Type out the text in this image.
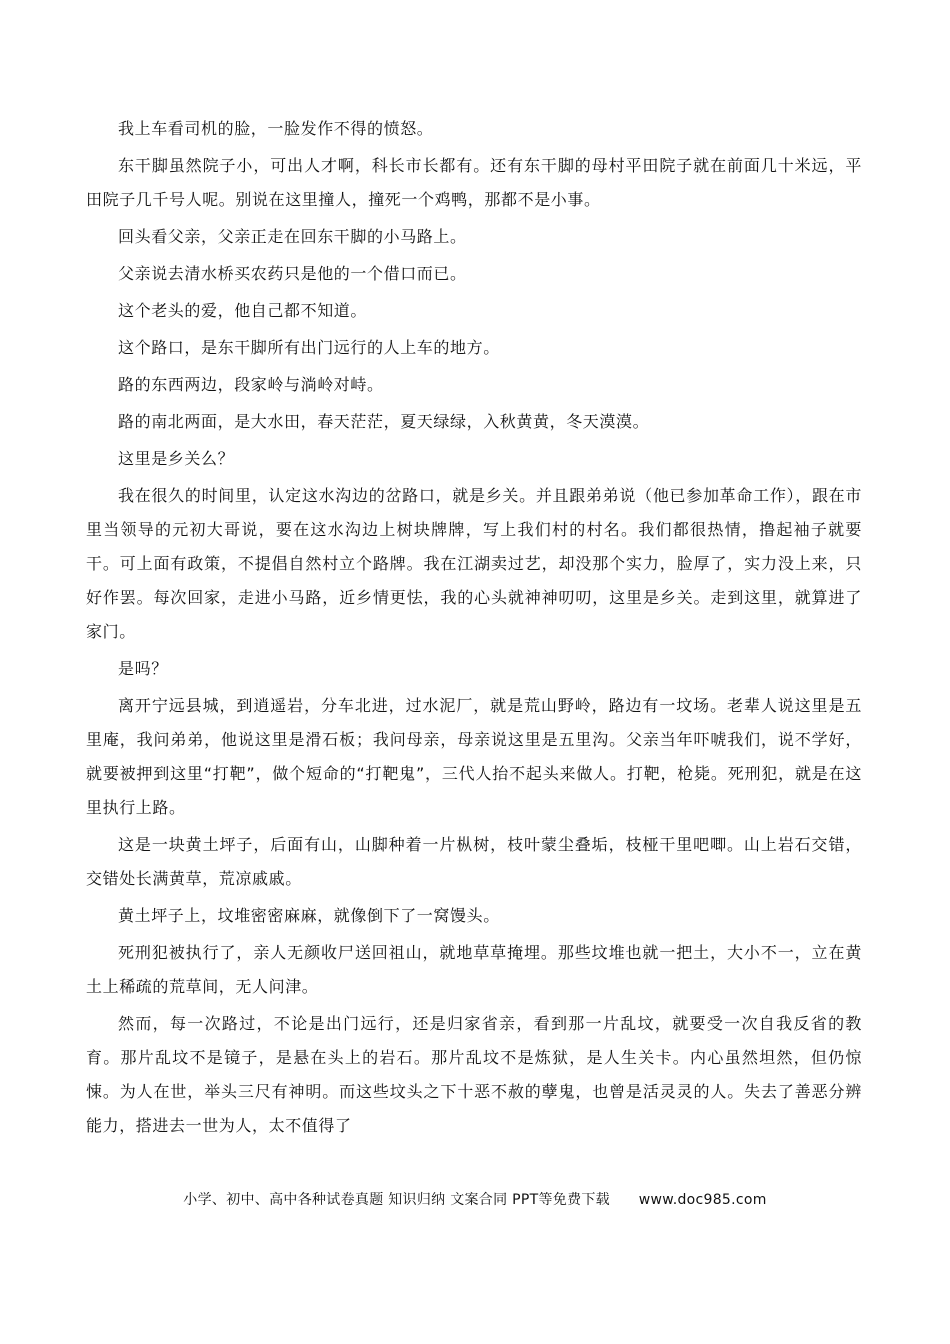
我上车看司机的脸，一脸发作不得的愤怒。

东干脚虽然院子小，可出人才啊，科长市长都有。还有东干脚的母村平田院子就在前面几十米远，平田院子几千号人呢。别说在这里撞人，撞死一个鸡鸭，那都不是小事。

回头看父亲，父亲正走在回东干脚的小马路上。

父亲说去清水桥买农药只是他的一个借口而已。

这个老头的爱，他自己都不知道。

这个路口，是东干脚所有出门远行的人上车的地方。

路的东西两边，段家岭与淌岭对峙。

路的南北两面，是大水田，春天茫茫，夏天绿绿，入秋黄黄，冬天漠漠。

这里是乡关么？

我在很久的时间里，认定这水沟边的岔路口，就是乡关。并且跟弟弟说（他已参加革命工作），跟在市里当领导的元初大哥说，要在这水沟边上树块牌牌，写上我们村的村名。我们都很热情，撸起袖子就要干。可上面有政策，不提倡自然村立个路牌。我在江湖卖过艺，却没那个实力，脸厚了，实力没上来，只好作罢。每次回家，走进小马路，近乡情更怯，我的心头就神神叨叨，这里是乡关。走到这里，就算进了家门。

是吗？

离开宁远县城，到逍遥岩，分车北进，过水泥厂，就是荒山野岭，路边有一坟场。老辈人说这里是五里庵，我问弟弟，他说这里是滑石板；我问母亲，母亲说这里是五里沟。父亲当年吓唬我们，说不学好，就要被押到这里“打靶”，做个短命的“打靶鬼”，三代人抬不起头来做人。打靶，枪毙。死刑犯，就是在这里执行上路。

这是一块黄土坪子，后面有山，山脚种着一片枞树，枝叶蒙尘叠垢，枝桠干里吧唧。山上岩石交错，交错处长满黄草，荒凉戚戚。

黄土坪子上，坟堆密密麻麻，就像倒下了一窝馒头。

死刑犯被执行了，亲人无颜收尸送回祖山，就地草草掩埋。那些坟堆也就一把土，大小不一，立在黄土上稀疏的荒草间，无人问津。

然而，每一次路过，不论是出门远行，还是归家省亲，看到那一片乱坟，就要受一次自我反省的教育。那片乱坟不是镜子，是悬在头上的岩石。那片乱坟不是炼狱，是人生关卡。内心虽然坦然，但仍惊悚。为人在世，举头三尺有神明。而这些坟头之下十恶不赦的孽鬼，也曾是活灵灵的人。失去了善恶分辨能力，搭进去一世为人，太不值得了

小学、初中、高中各种试卷真题 知识归纳 文案合同 PPT等免费下载 www.doc985.com
